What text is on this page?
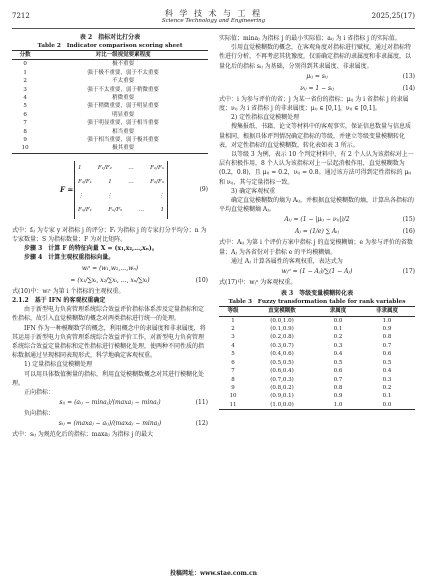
7212	科 学 技 术 与 工 程
Science Technology and Engineering
2025,25(17)
表 2　指标对比打分表
Table 2　Indicator comparison scoring sheet
分数	对比一级视觉要素程度
0	极不重要
1	强于极不重要，弱于不太重要
2	不太重要
3	强于不太重要，弱于稍微重要
4	稍微重要
5	强于稍微重要，弱于明显重要
6	明显重要
7	强于明显重要，弱于相当重要
8	相当重要
9	强于相当重要，弱于极其重要
10	极其重要
F =
1	F₁/F₂	…	F₁/Fₙ
F₂/F₁	1	…	F₂/Fₙ
⋮	⋮	⋮
Fₙ/F₁	Fₙ/F₂	…	1
(9)

式中：fᵢⱼ 为专家 y 对指标 j 的评分；Fᵢ 为指标 j 的专家打分平均分；n 为专家数量；S 为指标数量；F 为对比矩阵。

步骤 3　计算 F 的特征向量 X = (x₁,x₂,…,xₙ)。

步骤 4　计算主观权重指标向量。

wᵢˢ = (w₁,w₂,…,wₙ)
= (x₁/∑xᵢ, x₂/∑xᵢ, …, xₙ/∑xᵢ)	(10)

式(10)中：wᵢˢ 为第 i 个指标的主观权重。

2.1.2　基于 IFN 的客观权重确定

由于新型电力负荷管理系统综合效益评价指标体系涉及定量指标和定性指标，故引入直觉模糊数的概念对两类指标进行统一的处理。

IFN 作为一种模糊数学的概念，利用概念中的隶属度和非隶属度，将其运用于新型电力负荷管理系统综合效益评价工作，对新型电力负荷管理系统综合效益定量指标和定性指标进行模糊化处理，使两种不同性质的指标数据通过呈现相同表现形式，科学地确定客观权重。

1) 定量指标直觉模糊处理

可以用具体数值衡量的指标，利用直觉模糊数概念对其进行模糊化处理。

正向指标：

sᵢⱼ = (aᵢⱼ − minaⱼ)/(maxaⱼ − minaⱼ)	(11)

负向指标：

sᵢⱼ = (maxaⱼ − aᵢⱼ)/(maxaⱼ − minaⱼ)	(12)

式中：sᵢⱼ 为规范化后的指标；maxaⱼ 为指标 j 的最大

实际值；minaⱼ 为指标 j 的最小实际值；aᵢⱼ 为 i 省指标 j 的实际值。

引用直觉模糊数的概念，在客观角度对指标进行赋权，通过对指标特性进行分析，不再考虑其犹豫度，仅需确定指标的隶属度和非隶属度，以量化后的指标 sᵢⱼ 为基础，分别得到其隶属度、非隶属度。

μᵢⱼ = sᵢⱼ	(13)
νᵢⱼ = 1 − sᵢⱼ	(14)

式中：i 为参与评价的省；j 为某一省份的指标；μᵢⱼ 为 i 省指标 j 的隶属度；νᵢⱼ 为 i 省指标 j 的非隶属度；μᵢⱼ ∈ [0,1]，νᵢⱼ ∈ [0,1]。

2) 定性指标直觉模糊处理

搜集报纸、书籍、论文等材料中的客观事实，保证信息数量与信息质量相同，根据具体评判情况确定指标的等级，并建立等级变量模糊转化表，对定性指标的直觉模糊数，转化表如表 3 所示。

以等级 3 为例，表示 10 个判定材料中，有 2 个人认为该指标对上一层有积极作用，8 个人认为该指标对上一层起消极作用，直觉模糊数为(0.2，0.8)，且 μᵢⱼ = 0.2，νᵢⱼ = 0.8。通过该方法可得到定性指标的 μᵢⱼ 和 νᵢⱼ，其与定量指标一致。

3) 确定客观权重

确定直觉模糊数的熵为 Aᵢⱼ，并根据直觉模糊数的熵，计算出各指标的平均直觉模糊熵 Aⱼ。

Aᵢⱼ = (1 − |μᵢⱼ − νᵢⱼ|)/2	(15)
Aⱼ = (1/e) ∑ Aᵢⱼ	(16)

式中：Aᵢⱼ 为第 i 个评价方案中指标 j 的直觉模糊熵；e 为参与评价的省数量；Aⱼ 为各省份对于指标 e 的平均模糊熵。

通过 Aⱼ 计算各属性的客观权重，表达式为

wⱼᵒ = (1 − Aⱼ)/∑(1 − Aⱼ)	(17)

式(17)中：wⱼᵒ 为客观权重。

表 3　等级变量模糊转化表
Table 3　Fuzzy transformation table for rank variables
等级	直觉模糊数	隶属度	非隶属度
1	(0.0,1.0)	0.0	1.0
2	(0.1,0.9)	0.1	0.9
3	(0.2,0.8)	0.2	0.8
4	(0.3,0.7)	0.3	0.7
5	(0.4,0.6)	0.4	0.6
6	(0.5,0.5)	0.5	0.5
7	(0.6,0.4)	0.6	0.4
8	(0.7,0.3)	0.7	0.3
9	(0.8,0.2)	0.8	0.2
10	(0.9,0.1)	0.9	0.1
11	(1.0,0.0)	1.0	0.0
投稿网址：www.stae.com.cn
